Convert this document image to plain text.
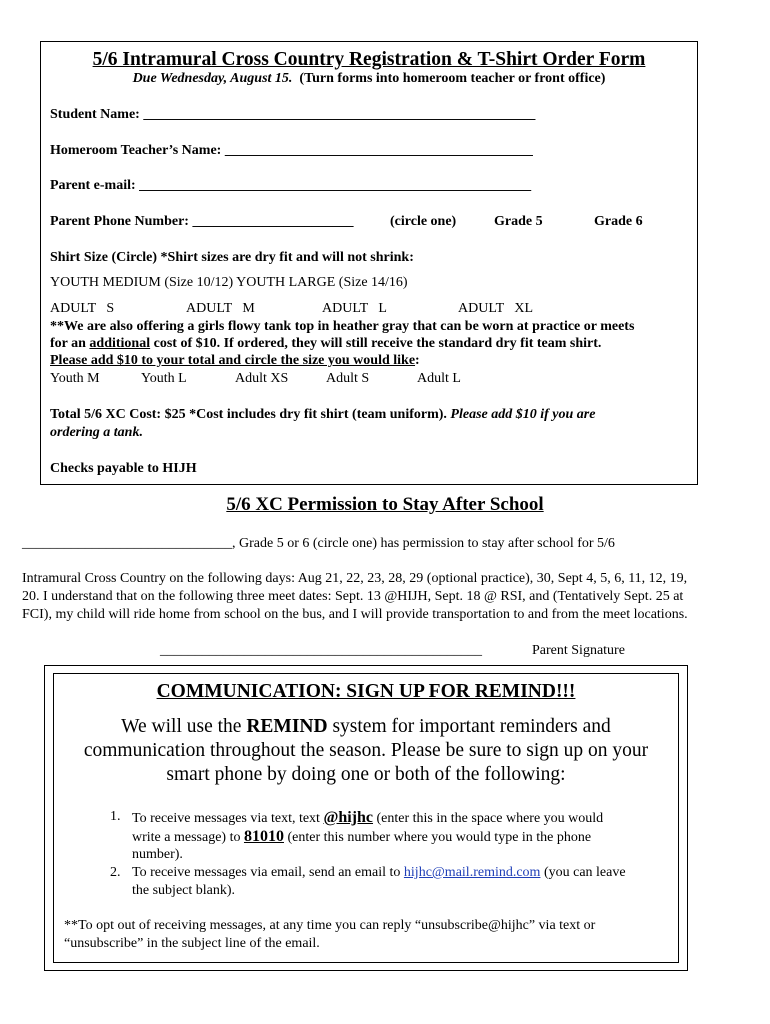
5/6 Intramural Cross Country Registration & T-Shirt Order Form
Due Wednesday, August 15. (Turn forms into homeroom teacher or front office)
Student Name: ________________________________________________________
Homeroom Teacher’s Name: ____________________________________________
Parent e-mail: ________________________________________________________
Parent Phone Number: _______________________	(circle one)	Grade 5	Grade 6
Shirt Size (Circle) *Shirt sizes are dry fit and will not shrink:
YOUTH MEDIUM (Size 10/12) YOUTH LARGE (Size 14/16)
ADULT   S	ADULT   M	ADULT   L	ADULT   XL
**We are also offering a girls flowy tank top in heather gray that can be worn at practice or meets
for an additional cost of $10. If ordered, they will still receive the standard dry fit team shirt.
Please add $10 to your total and circle the size you would like:
Youth M	Youth L	Adult XS	Adult S	Adult L
Total 5/6 XC Cost: $25 *Cost includes dry fit shirt (team uniform). Please add $10 if you are
ordering a tank.
Checks payable to HIJH
5/6 XC Permission to Stay After School
______________________________, Grade 5 or 6 (circle one) has permission to stay after school for 5/6
Intramural Cross Country on the following days: Aug 21, 22, 23, 28, 29 (optional practice), 30, Sept 4, 5, 6, 11, 12, 19,
20. I understand that on the following three meet dates: Sept. 13 @HIJH, Sept. 18 @ RSI, and (Tentatively Sept. 25 at
FCI), my child will ride home from school on the bus, and I will provide transportation to and from the meet locations.
______________________________________________	Parent Signature
COMMUNICATION: SIGN UP FOR REMIND!!!
We will use the REMIND system for important reminders and
communication throughout the season. Please be sure to sign up on your
smart phone by doing one or both of the following:
1. To receive messages via text, text @hijhc (enter this in the space where you would
write a message) to 81010 (enter this number where you would type in the phone
number).
2. To receive messages via email, send an email to hijhc@mail.remind.com (you can leave
the subject blank).
**To opt out of receiving messages, at any time you can reply “unsubscribe@hijhc” via text or
“unsubscribe” in the subject line of the email.
